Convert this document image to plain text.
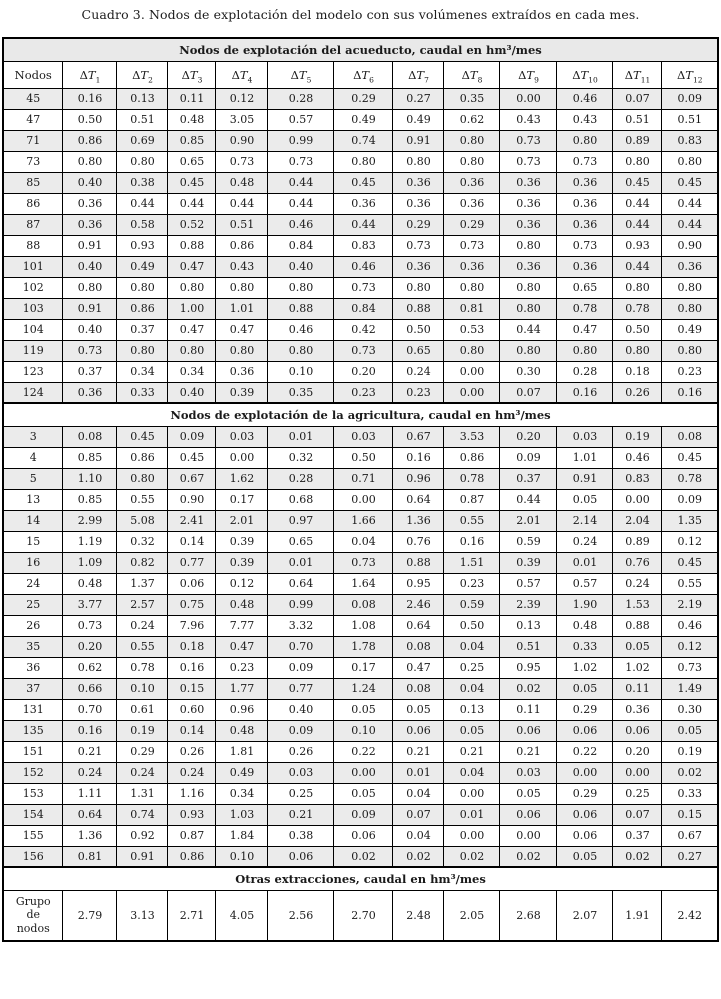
Cuadro 3. Nodos de explotación del modelo con sus volúmenes extraídos en cada mes.
Nodos de explotación del acueducto, caudal en hm³/mes												
Nodos	$\Delta T_1$	$\Delta T_2$	$\Delta T_3$	$\Delta T_4$	$\Delta T_5$	$\Delta T_6$	$\Delta T_7$	$\Delta T_8$	$\Delta T_9$	$\Delta T_{10}$	$\Delta T_{11}$	$\Delta T_{12}$
45	0.16	0.13	0.11	0.12	0.28	0.29	0.27	0.35	0.00	0.46	0.07	0.09
47	0.50	0.51	0.48	3.05	0.57	0.49	0.49	0.62	0.43	0.43	0.51	0.51
71	0.86	0.69	0.85	0.90	0.99	0.74	0.91	0.80	0.73	0.80	0.89	0.83
73	0.80	0.80	0.65	0.73	0.73	0.80	0.80	0.80	0.73	0.73	0.80	0.80
85	0.40	0.38	0.45	0.48	0.44	0.45	0.36	0.36	0.36	0.36	0.45	0.45
86	0.36	0.44	0.44	0.44	0.44	0.36	0.36	0.36	0.36	0.36	0.44	0.44
87	0.36	0.58	0.52	0.51	0.46	0.44	0.29	0.29	0.36	0.36	0.44	0.44
88	0.91	0.93	0.88	0.86	0.84	0.83	0.73	0.73	0.80	0.73	0.93	0.90
101	0.40	0.49	0.47	0.43	0.40	0.46	0.36	0.36	0.36	0.36	0.44	0.36
102	0.80	0.80	0.80	0.80	0.80	0.73	0.80	0.80	0.80	0.65	0.80	0.80
103	0.91	0.86	1.00	1.01	0.88	0.84	0.88	0.81	0.80	0.78	0.78	0.80
104	0.40	0.37	0.47	0.47	0.46	0.42	0.50	0.53	0.44	0.47	0.50	0.49
119	0.73	0.80	0.80	0.80	0.80	0.73	0.65	0.80	0.80	0.80	0.80	0.80
123	0.37	0.34	0.34	0.36	0.10	0.20	0.24	0.00	0.30	0.28	0.18	0.23
124	0.36	0.33	0.40	0.39	0.35	0.23	0.23	0.00	0.07	0.16	0.26	0.16
Nodos de explotación de la agricultura, caudal en hm³/mes												
3	0.08	0.45	0.09	0.03	0.01	0.03	0.67	3.53	0.20	0.03	0.19	0.08
4	0.85	0.86	0.45	0.00	0.32	0.50	0.16	0.86	0.09	1.01	0.46	0.45
5	1.10	0.80	0.67	1.62	0.28	0.71	0.96	0.78	0.37	0.91	0.83	0.78
13	0.85	0.55	0.90	0.17	0.68	0.00	0.64	0.87	0.44	0.05	0.00	0.09
14	2.99	5.08	2.41	2.01	0.97	1.66	1.36	0.55	2.01	2.14	2.04	1.35
15	1.19	0.32	0.14	0.39	0.65	0.04	0.76	0.16	0.59	0.24	0.89	0.12
16	1.09	0.82	0.77	0.39	0.01	0.73	0.88	1.51	0.39	0.01	0.76	0.45
24	0.48	1.37	0.06	0.12	0.64	1.64	0.95	0.23	0.57	0.57	0.24	0.55
25	3.77	2.57	0.75	0.48	0.99	0.08	2.46	0.59	2.39	1.90	1.53	2.19
26	0.73	0.24	7.96	7.77	3.32	1.08	0.64	0.50	0.13	0.48	0.88	0.46
35	0.20	0.55	0.18	0.47	0.70	1.78	0.08	0.04	0.51	0.33	0.05	0.12
36	0.62	0.78	0.16	0.23	0.09	0.17	0.47	0.25	0.95	1.02	1.02	0.73
37	0.66	0.10	0.15	1.77	0.77	1.24	0.08	0.04	0.02	0.05	0.11	1.49
131	0.70	0.61	0.60	0.96	0.40	0.05	0.05	0.13	0.11	0.29	0.36	0.30
135	0.16	0.19	0.14	0.48	0.09	0.10	0.06	0.05	0.06	0.06	0.06	0.05
151	0.21	0.29	0.26	1.81	0.26	0.22	0.21	0.21	0.21	0.22	0.20	0.19
152	0.24	0.24	0.24	0.49	0.03	0.00	0.01	0.04	0.03	0.00	0.00	0.02
153	1.11	1.31	1.16	0.34	0.25	0.05	0.04	0.00	0.05	0.29	0.25	0.33
154	0.64	0.74	0.93	1.03	0.21	0.09	0.07	0.01	0.06	0.06	0.07	0.15
155	1.36	0.92	0.87	1.84	0.38	0.06	0.04	0.00	0.00	0.06	0.37	0.67
156	0.81	0.91	0.86	0.10	0.06	0.02	0.02	0.02	0.02	0.05	0.02	0.27
Otras extracciones, caudal en hm³/mes												
Grupo de nodos	2.79	3.13	2.71	4.05	2.56	2.70	2.48	2.05	2.68	2.07	1.91	2.42
